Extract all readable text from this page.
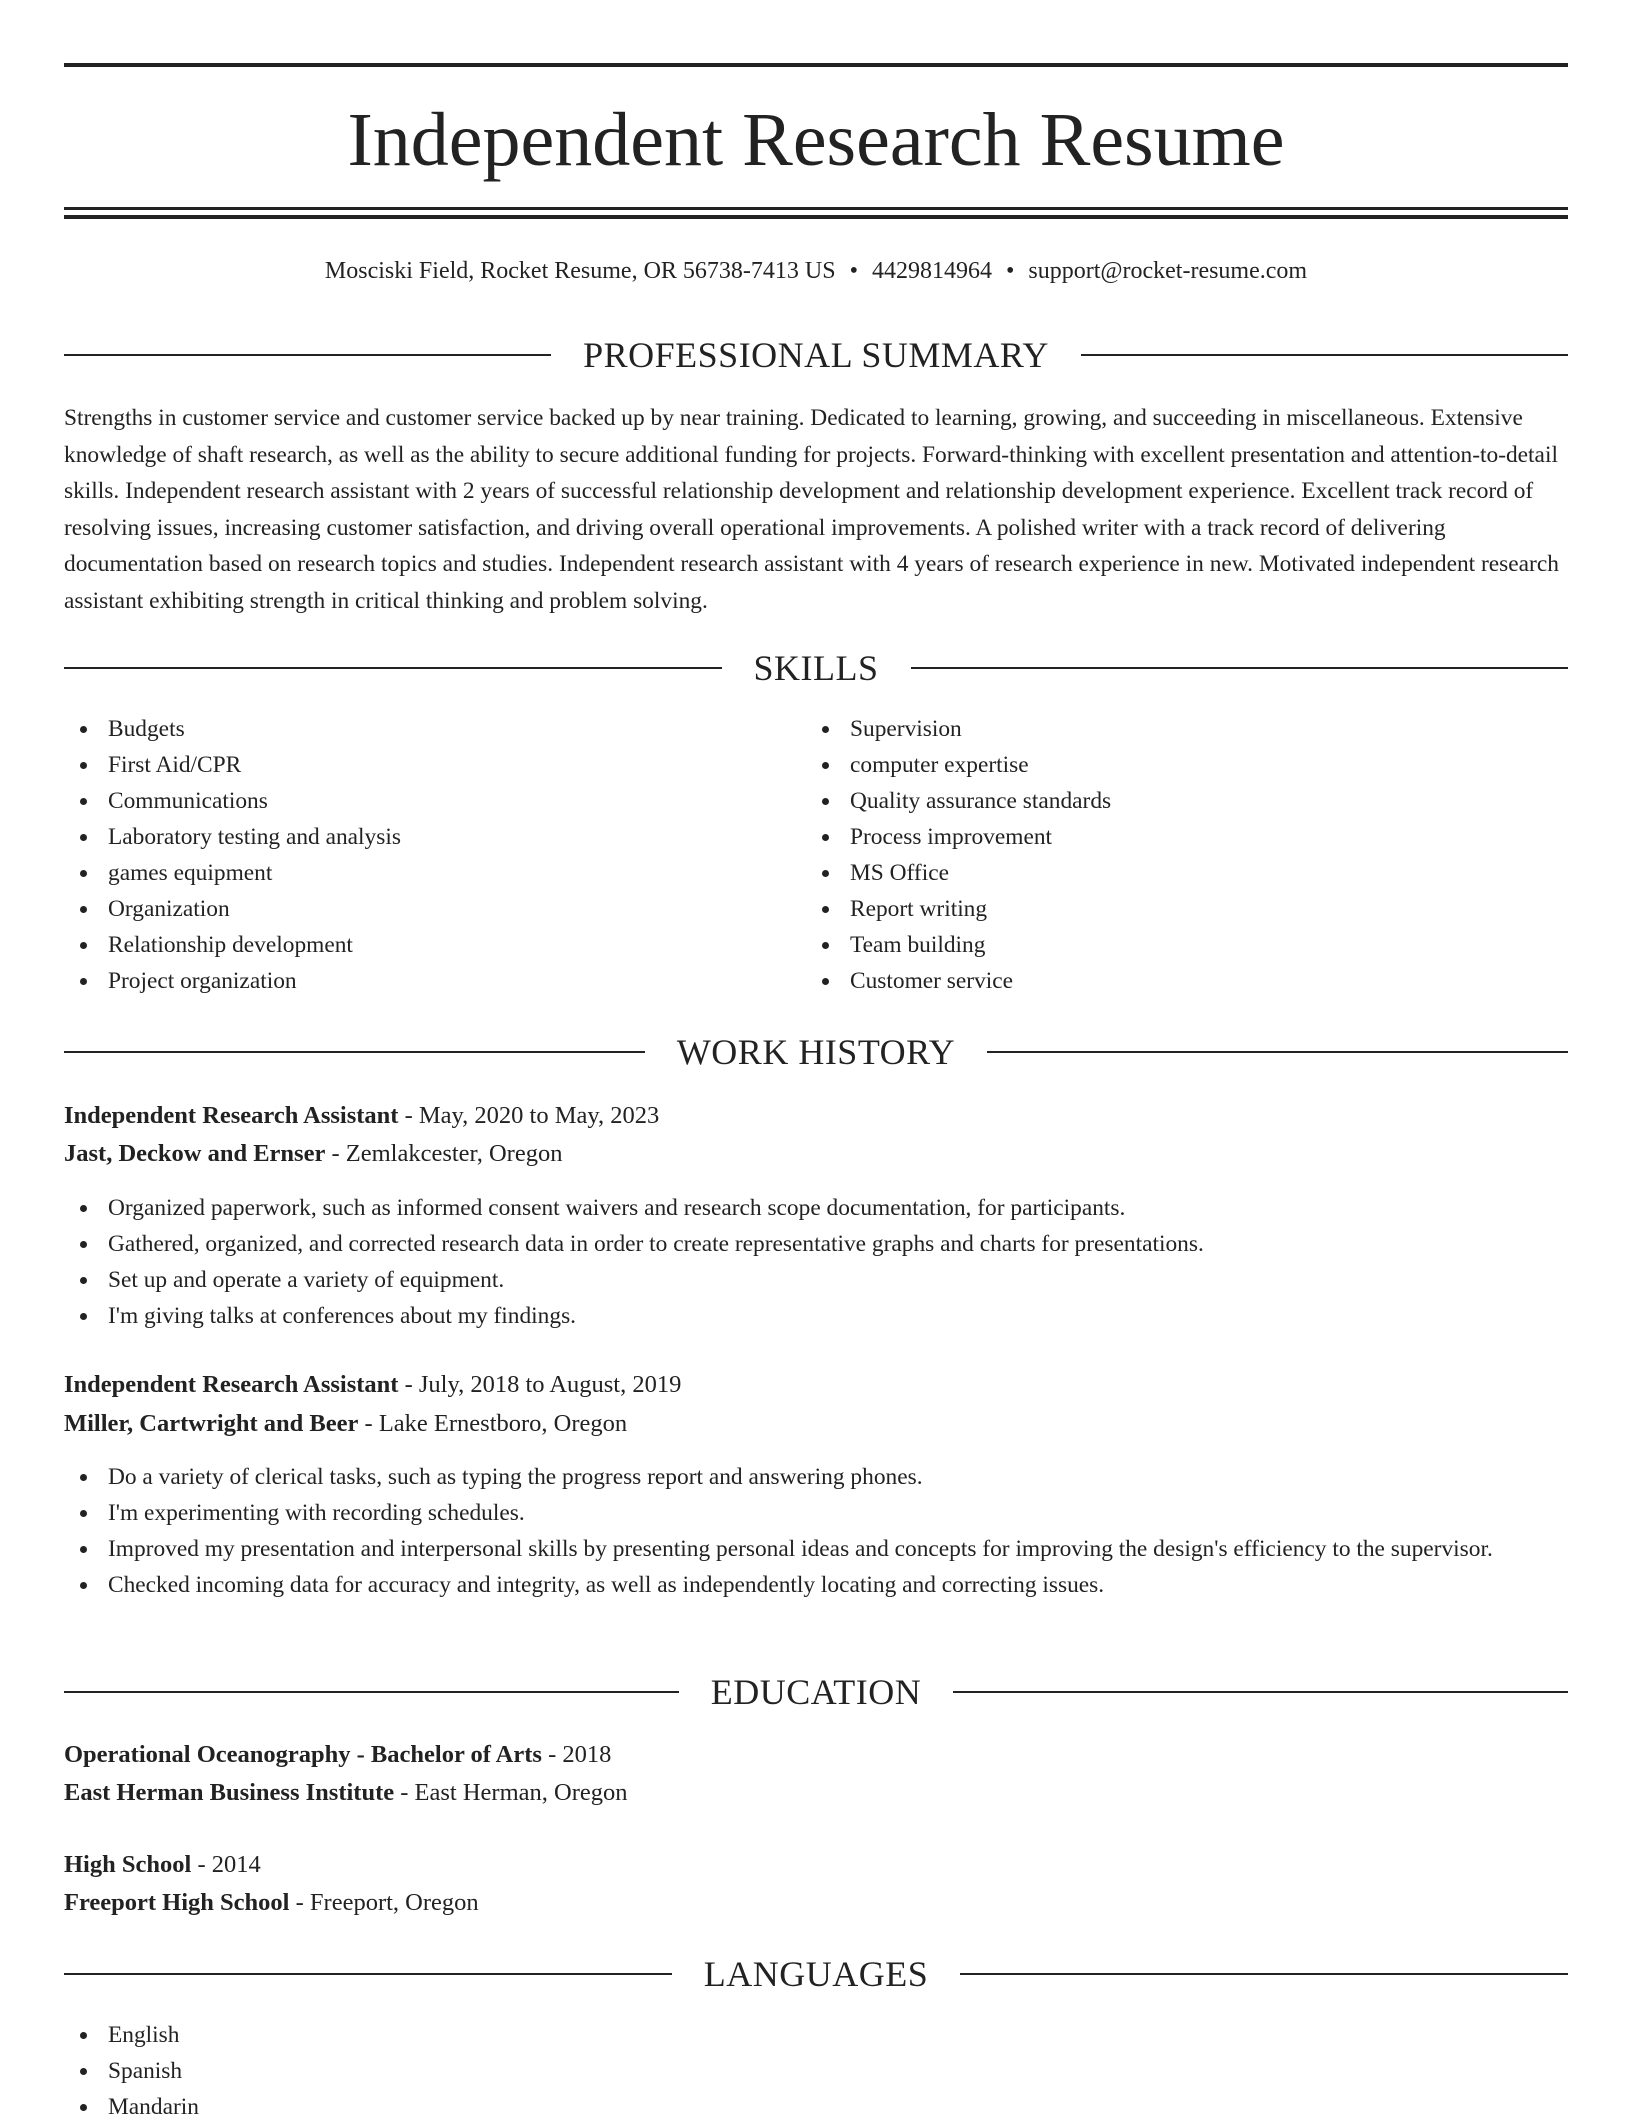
Independent Research Resume
Mosciski Field, Rocket Resume, OR 56738-7413 US • 4429814964 • support@rocket-resume.com
PROFESSIONAL SUMMARY

Strengths in customer service and customer service backed up by near training. Dedicated to learning, growing, and succeeding in miscellaneous. Extensive knowledge of shaft research, as well as the ability to secure additional funding for projects. Forward-thinking with excellent presentation and attention-to-detail skills. Independent research assistant with 2 years of successful relationship development and relationship development experience. Excellent track record of resolving issues, increasing customer satisfaction, and driving overall operational improvements. A polished writer with a track record of delivering documentation based on research topics and studies. Independent research assistant with 4 years of research experience in new. Motivated independent research assistant exhibiting strength in critical thinking and problem solving.

SKILLS
Budgets
First Aid/CPR
Communications
Laboratory testing and analysis
games equipment
Organization
Relationship development
Project organization
Supervision
computer expertise
Quality assurance standards
Process improvement
MS Office
Report writing
Team building
Customer service
WORK HISTORY
Independent Research Assistant - May, 2020 to May, 2023
Jast, Deckow and Ernser - Zemlakcester, Oregon
Organized paperwork, such as informed consent waivers and research scope documentation, for participants.
Gathered, organized, and corrected research data in order to create representative graphs and charts for presentations.
Set up and operate a variety of equipment.
I'm giving talks at conferences about my findings.
Independent Research Assistant - July, 2018 to August, 2019
Miller, Cartwright and Beer - Lake Ernestboro, Oregon
Do a variety of clerical tasks, such as typing the progress report and answering phones.
I'm experimenting with recording schedules.
Improved my presentation and interpersonal skills by presenting personal ideas and concepts for improving the design's efficiency to the supervisor.
Checked incoming data for accuracy and integrity, as well as independently locating and correcting issues.
EDUCATION
Operational Oceanography - Bachelor of Arts - 2018
East Herman Business Institute - East Herman, Oregon
High School - 2014
Freeport High School - Freeport, Oregon
LANGUAGES
English
Spanish
Mandarin
